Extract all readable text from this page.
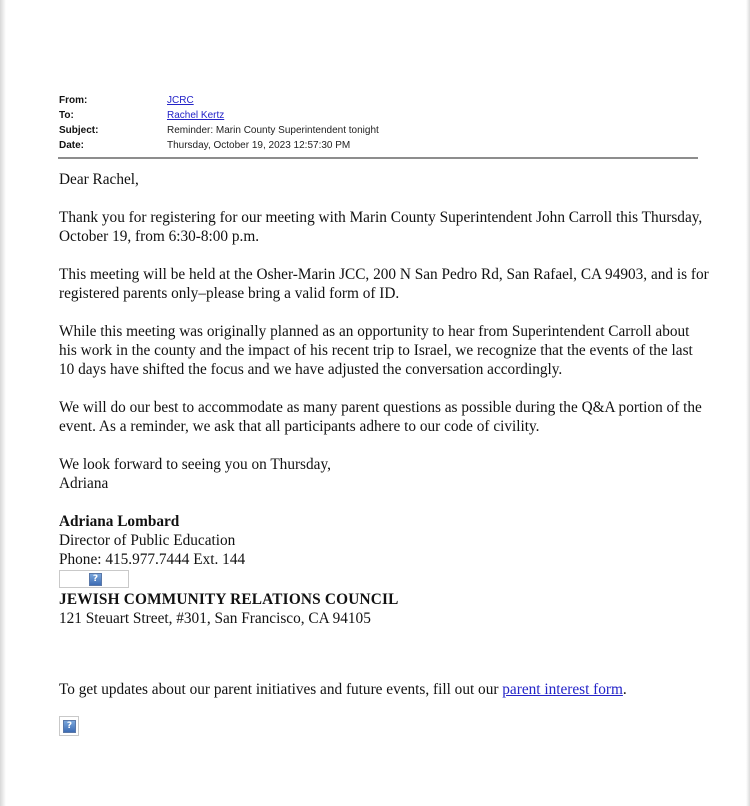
From:	JCRC
To:	Rachel Kertz
Subject:	Reminder: Marin County Superintendent tonight
Date:	Thursday, October 19, 2023 12:57:30 PM

Dear Rachel,

Thank you for registering for our meeting with Marin County Superintendent John Carroll this Thursday, October 19, from 6:30-8:00 p.m.

This meeting will be held at the Osher-Marin JCC, 200 N San Pedro Rd, San Rafael, CA 94903, and is for registered parents only–please bring a valid form of ID.

While this meeting was originally planned as an opportunity to hear from Superintendent Carroll about his work in the county and the impact of his recent trip to Israel, we recognize that the events of the last 10 days have shifted the focus and we have adjusted the conversation accordingly.

We will do our best to accommodate as many parent questions as possible during the Q&A portion of the event. As a reminder, we ask that all participants adhere to our code of civility.

We look forward to seeing you on Thursday,

Adriana

Adriana Lombard

Director of Public Education

Phone: 415.977.7444 Ext. 144

?

JEWISH COMMUNITY RELATIONS COUNCIL

121 Steuart Street, #301, San Francisco, CA 94105

To get updates about our parent initiatives and future events, fill out our parent interest form.
?
